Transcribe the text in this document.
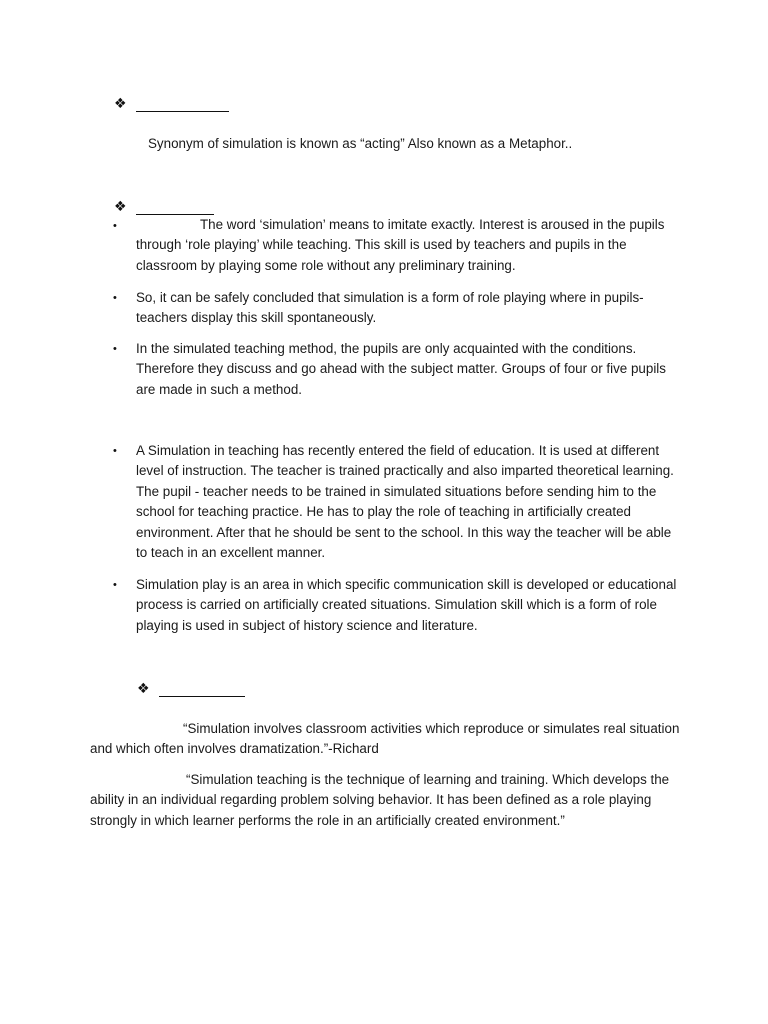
❖
Synonym of simulation is known as “acting” Also known as a Metaphor..
❖
•	The word ‘simulation’ means to imitate exactly. Interest is aroused in the pupils through ‘role playing’ while teaching. This skill is used by teachers and pupils in the classroom by playing some role without any preliminary training.
• So, it can be safely concluded that simulation is a form of role playing where in pupils-teachers display this skill spontaneously.
• In the simulated teaching method, the pupils are only acquainted with the conditions. Therefore they discuss and go ahead with the subject matter. Groups of four or five pupils are made in such a method.
• A Simulation in teaching has recently entered the field of education. It is used at different level of instruction. The teacher is trained practically and also imparted theoretical learning. The pupil - teacher needs to be trained in simulated situations before sending him to the school for teaching practice. He has to play the role of teaching in artificially created environment. After that he should be sent to the school. In this way the teacher will be able to teach in an excellent manner.
• Simulation play is an area in which specific communication skill is developed or educational process is carried on artificially created situations. Simulation skill which is a form of role playing is used in subject of history science and literature.
❖
“Simulation involves classroom activities which reproduce or simulates real situation and which often involves dramatization.”-Richard
“Simulation teaching is the technique of learning and training. Which develops the ability in an individual regarding problem solving behavior. It has been defined as a role playing strongly in which learner performs the role in an artificially created environment.”
